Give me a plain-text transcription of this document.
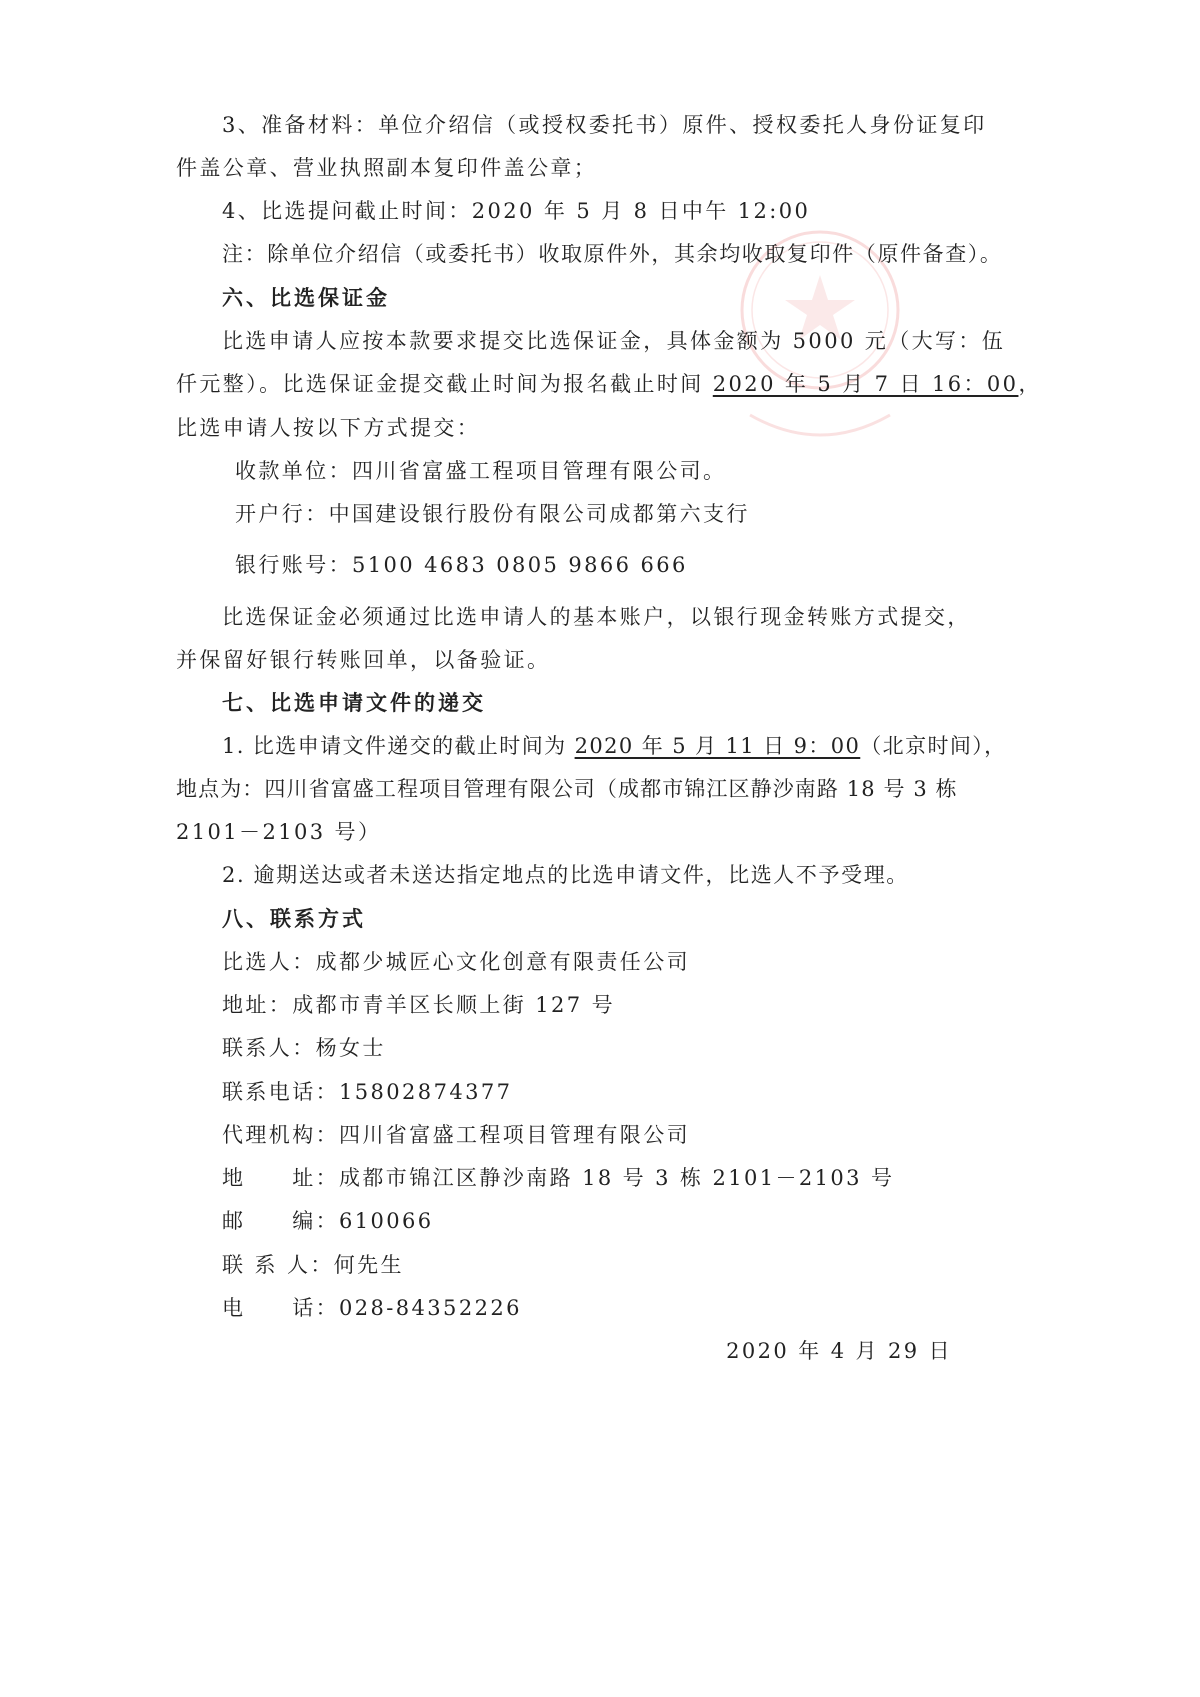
3、准备材料：单位介绍信（或授权委托书）原件、授权委托人身份证复印
件盖公章、营业执照副本复印件盖公章；
4、比选提问截止时间：2020 年 5 月 8 日中午 12:00
注：除单位介绍信（或委托书）收取原件外，其余均收取复印件（原件备查）。
六、比选保证金
比选申请人应按本款要求提交比选保证金，具体金额为 5000 元（大写：伍
仟元整）。比选保证金提交截止时间为报名截止时间 2020 年 5 月 7 日 16：00，
比选申请人按以下方式提交：
收款单位：四川省富盛工程项目管理有限公司。
开户行：中国建设银行股份有限公司成都第六支行
银行账号：5100 4683 0805 9866 666
比选保证金必须通过比选申请人的基本账户，以银行现金转账方式提交，
并保留好银行转账回单，以备验证。
七、比选申请文件的递交
1. 比选申请文件递交的截止时间为 2020 年 5 月 11 日 9：00（北京时间），
地点为：四川省富盛工程项目管理有限公司（成都市锦江区静沙南路 18 号 3 栋
2101－2103 号）
2. 逾期送达或者未送达指定地点的比选申请文件，比选人不予受理。
八、联系方式
比选人：成都少城匠心文化创意有限责任公司
地址：成都市青羊区长顺上街 127 号
联系人：杨女士
联系电话：15802874377
代理机构：四川省富盛工程项目管理有限公司
地　　址：成都市锦江区静沙南路 18 号 3 栋 2101－2103 号
邮　　编：610066
联 系 人：何先生
电　　话：028-84352226
2020 年 4 月 29 日
